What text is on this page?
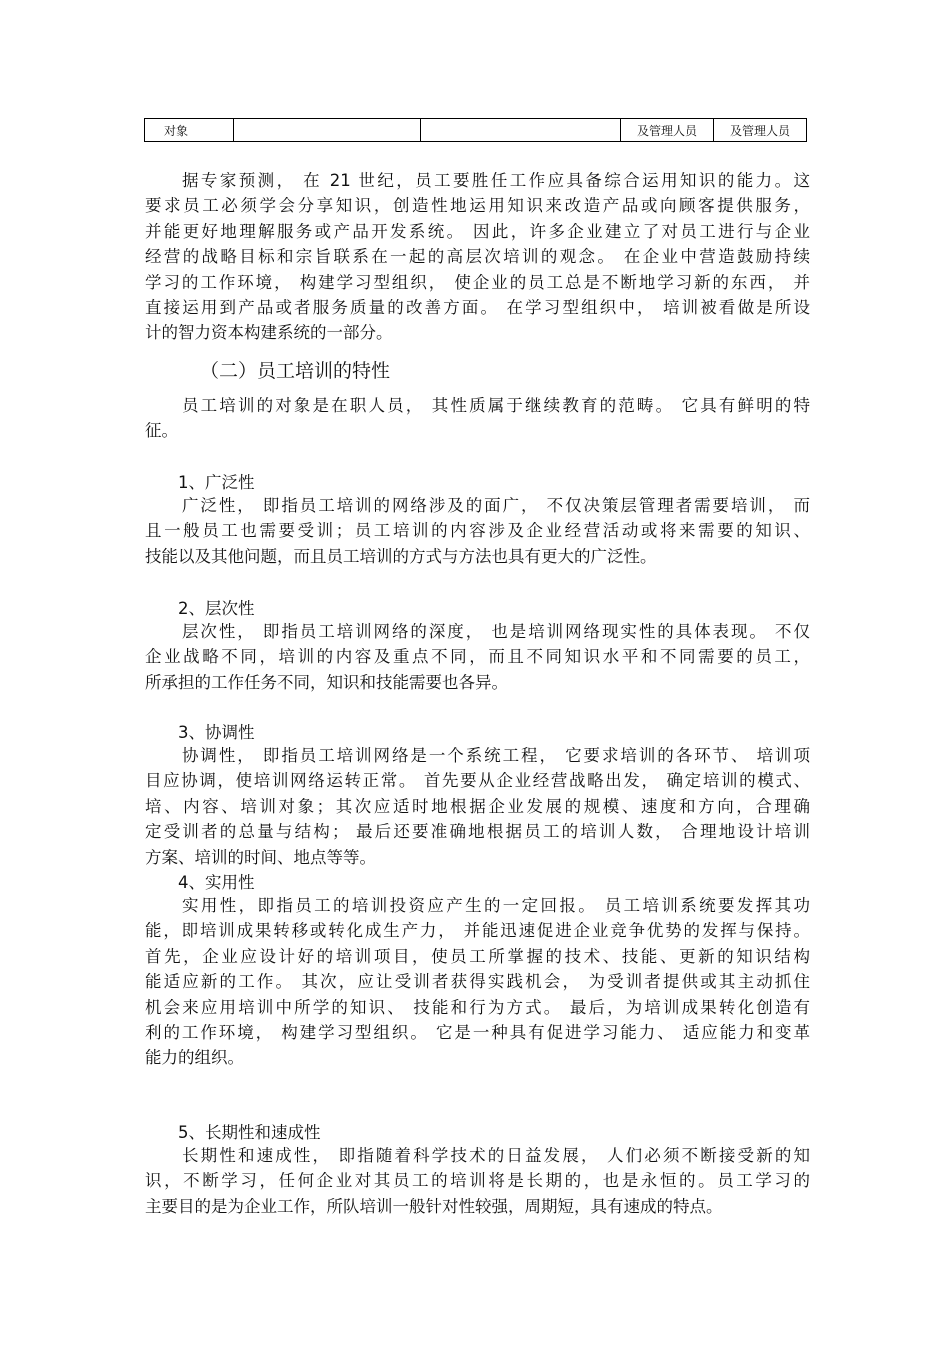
对象			及管理人员	及管理人员
据专家预测， 在 21 世纪，员工要胜任工作应具备综合运用知识的能力。这
要求员工必须学会分享知识，创造性地运用知识来改造产品或向顾客提供服务，
并能更好地理解服务或产品开发系统。 因此，许多企业建立了对员工进行与企业
经营的战略目标和宗旨联系在一起的高层次培训的观念。 在企业中营造鼓励持续
学习的工作环境， 构建学习型组织， 使企业的员工总是不断地学习新的东西， 并
直接运用到产品或者服务质量的改善方面。 在学习型组织中， 培训被看做是所设
计的智力资本构建系统的一部分。
（二）员工培训的特性
员工培训的对象是在职人员， 其性质属于继续教育的范畴。 它具有鲜明的特
征。
1、广泛性
广泛性， 即指员工培训的网络涉及的面广， 不仅决策层管理者需要培训， 而
且一般员工也需要受训；员工培训的内容涉及企业经营活动或将来需要的知识、
技能以及其他问题，而且员工培训的方式与方法也具有更大的广泛性。
2、层次性
层次性， 即指员工培训网络的深度， 也是培训网络现实性的具体表现。 不仅
企业战略不同，培训的内容及重点不同，而且不同知识水平和不同需要的员工，
所承担的工作任务不同，知识和技能需要也各异。
3、协调性
协调性， 即指员工培训网络是一个系统工程， 它要求培训的各环节、 培训项
目应协调，使培训网络运转正常。 首先要从企业经营战略出发， 确定培训的模式、
培、内容、培训对象；其次应适时地根据企业发展的规模、速度和方向，合理确
定受训者的总量与结构； 最后还要准确地根据员工的培训人数， 合理地设计培训
方案、培训的时间、地点等等。
4、实用性
实用性，即指员工的培训投资应产生的一定回报。 员工培训系统要发挥其功
能，即培训成果转移或转化成生产力， 并能迅速促进企业竞争优势的发挥与保持。
首先，企业应设计好的培训项目，使员工所掌握的技术、技能、更新的知识结构
能适应新的工作。 其次，应让受训者获得实践机会， 为受训者提供或其主动抓住
机会来应用培训中所学的知识、 技能和行为方式。 最后，为培训成果转化创造有
利的工作环境， 构建学习型组织。 它是一种具有促进学习能力、 适应能力和变革
能力的组织。
5、长期性和速成性
长期性和速成性， 即指随着科学技术的日益发展， 人们必须不断接受新的知
识，不断学习，任何企业对其员工的培训将是长期的，也是永恒的。员工学习的
主要目的是为企业工作，所队培训一般针对性较强，周期短，具有速成的特点。
